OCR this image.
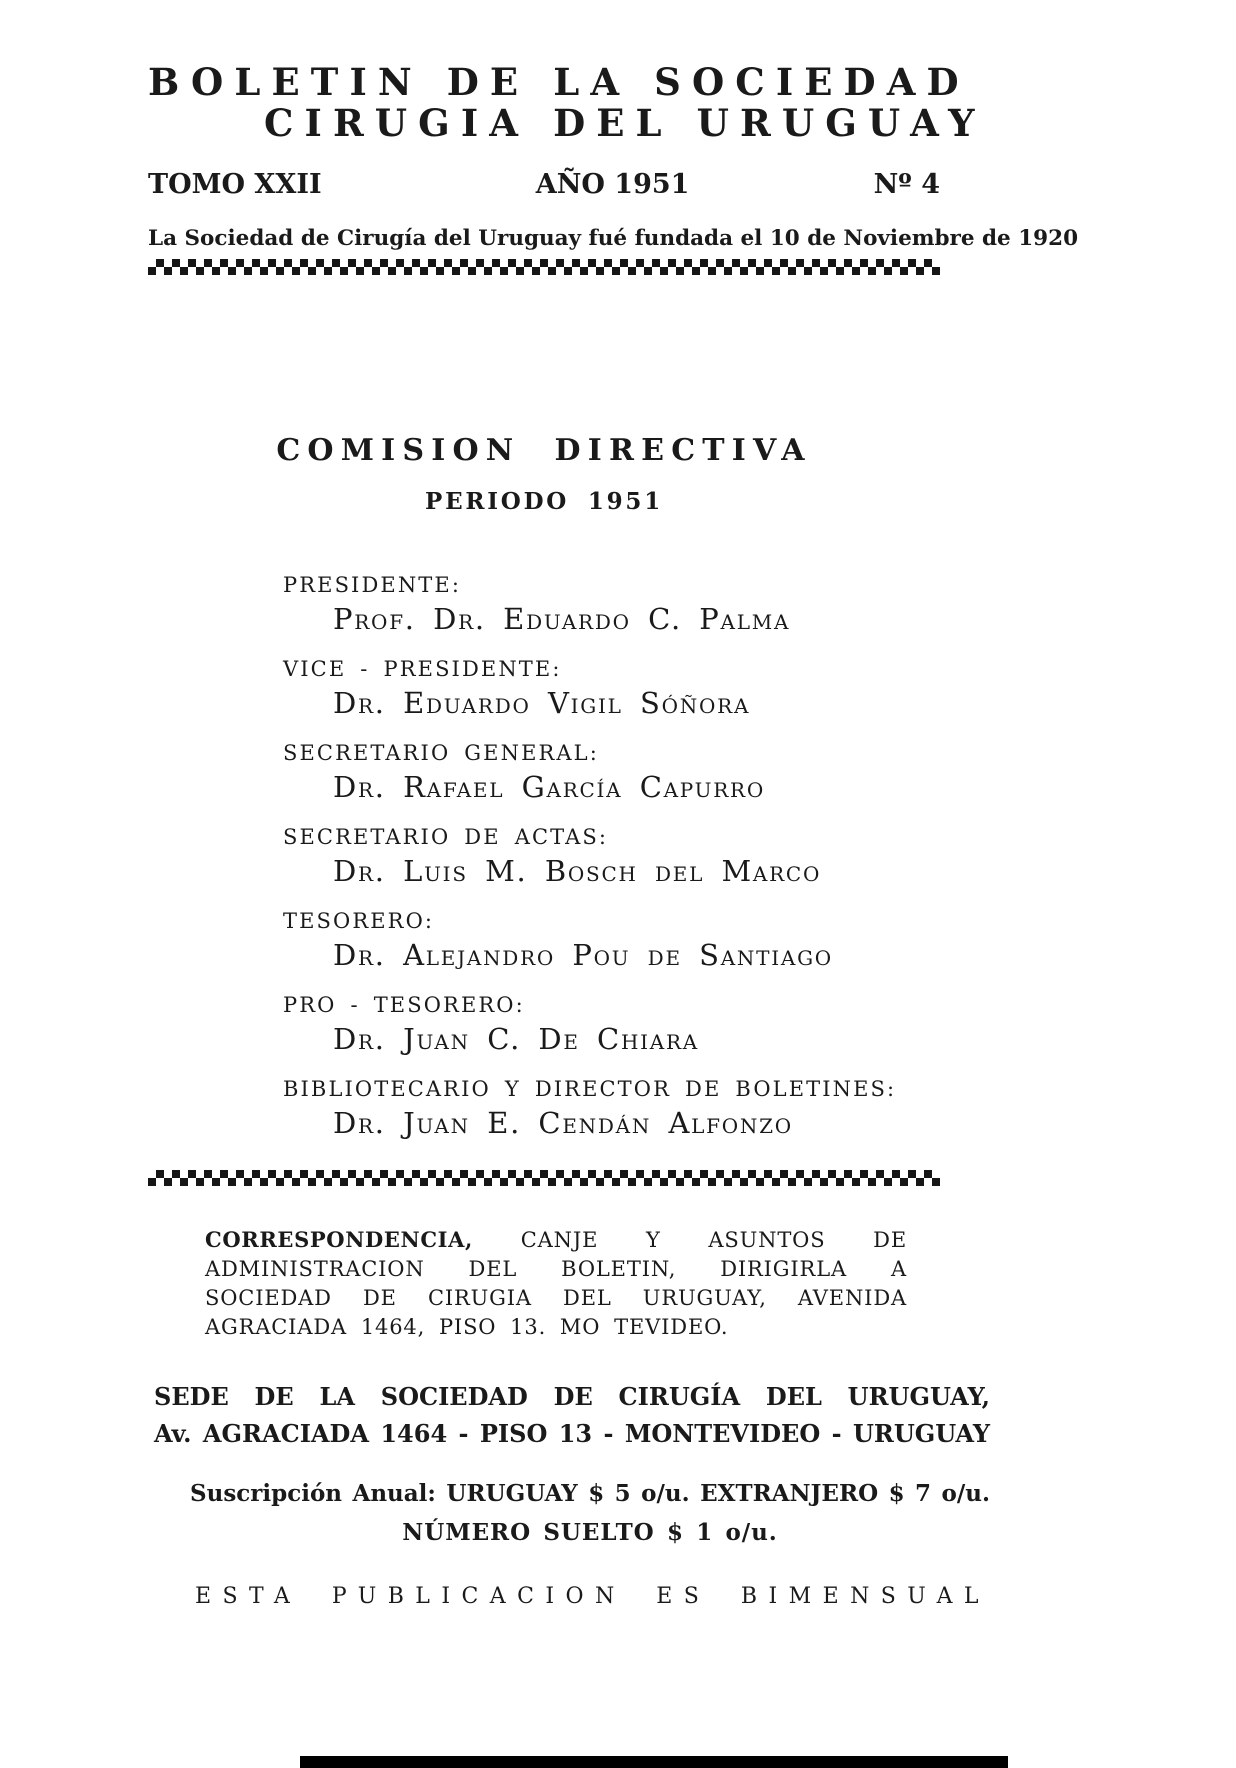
BOLETIN DE LA SOCIEDAD
CIRUGIA DEL URUGUAY
TOMO XXII	AÑO 1951	Nº 4
La Sociedad de Cirugía del Uruguay fué fundada el 10 de Noviembre de 1920
COMISION DIRECTIVA
PERIODO 1951
PRESIDENTE:
Prof. Dr. Eduardo C. Palma
VICE - PRESIDENTE:
Dr. Eduardo Vigil Sóñora
SECRETARIO GENERAL:
Dr. Rafael García Capurro
SECRETARIO DE ACTAS:
Dr. Luis M. Bosch del Marco
TESORERO:
Dr. Alejandro Pou de Santiago
PRO - TESORERO:
Dr. Juan C. De Chiara
BIBLIOTECARIO Y DIRECTOR DE BOLETINES:
Dr. Juan E. Cendán Alfonzo

CORRESPONDENCIA, CANJE Y ASUNTOS DE ADMINISTRACION DEL BOLETIN, DIRIGIRLA A SOCIEDAD DE CIRUGIA DEL URUGUAY, AVENIDA AGRACIADA 1464, PISO 13. MO TEVIDEO.

SEDE DE LA SOCIEDAD DE CIRUGÍA DEL URUGUAY,
Av. AGRACIADA 1464 - PISO 13 - MONTEVIDEO - URUGUAY
Suscripción Anual: URUGUAY $ 5 o/u. EXTRANJERO $ 7 o/u.
NÚMERO SUELTO $ 1 o/u.
ESTA PUBLICACION ES BIMENSUAL
